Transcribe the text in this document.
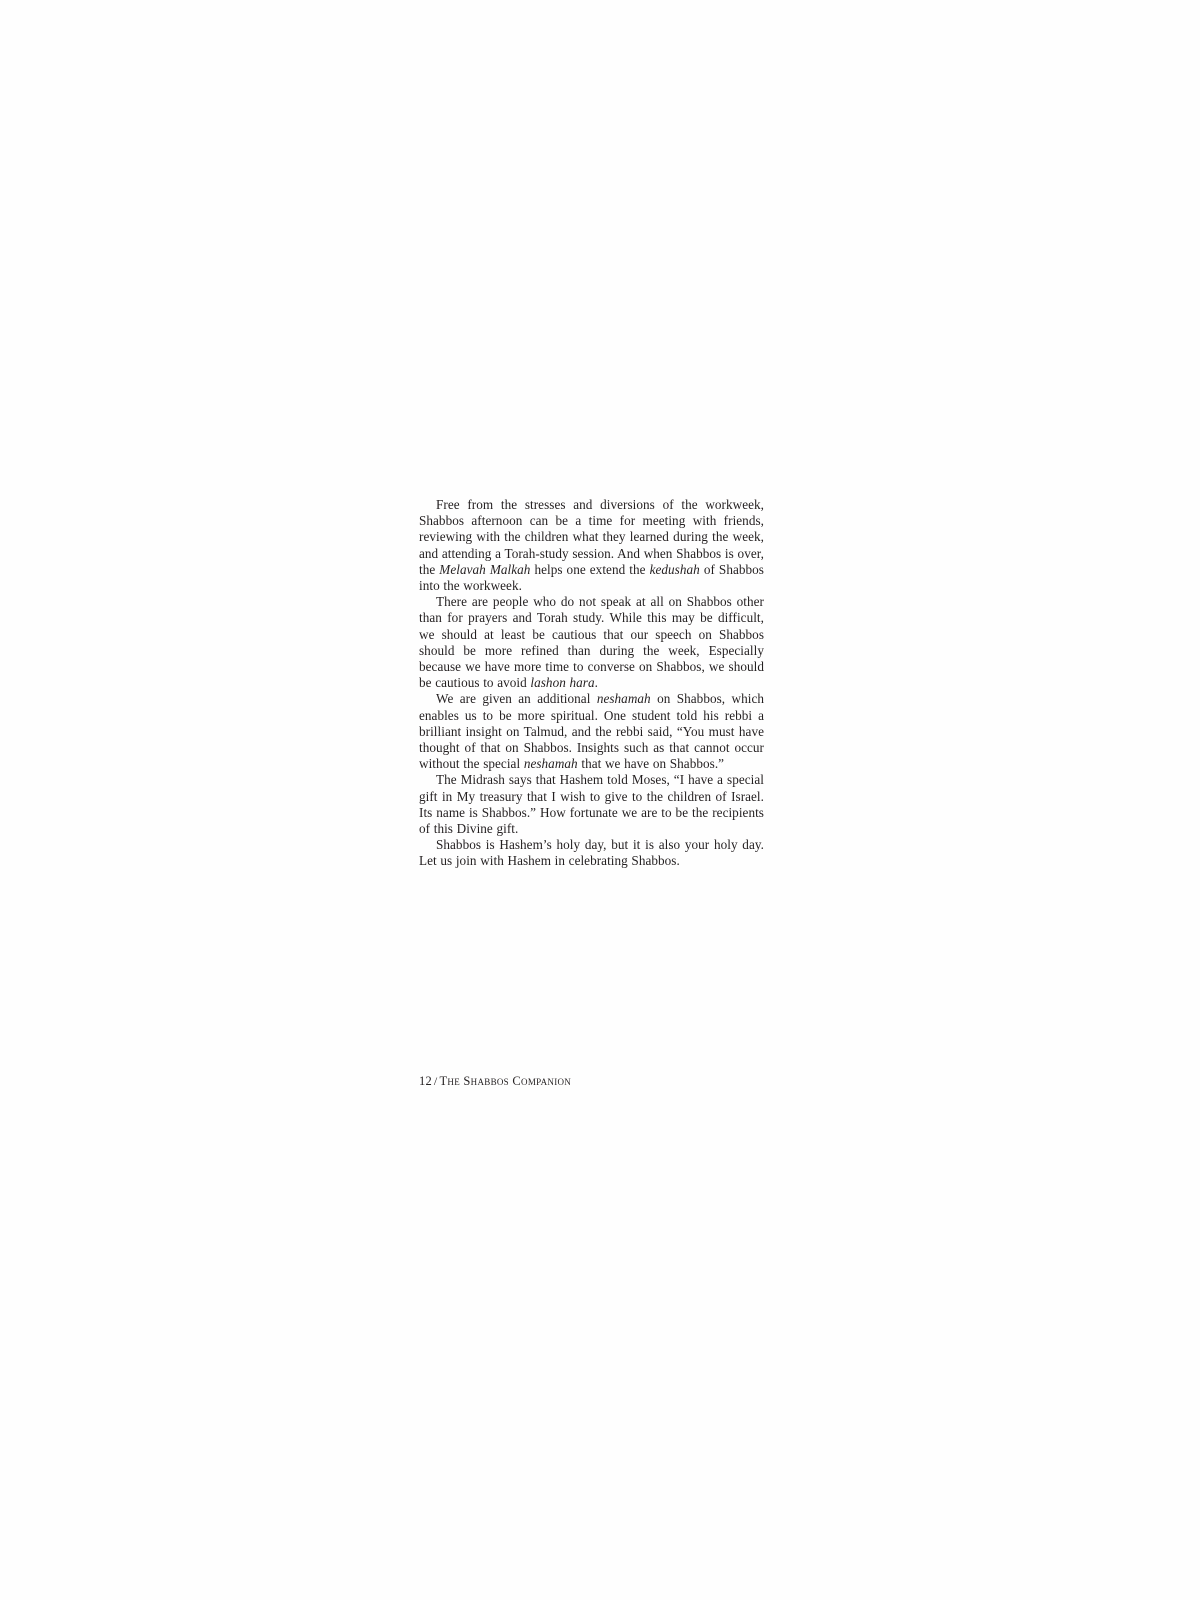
Free from the stresses and diversions of the workweek, Shabbos afternoon can be a time for meeting with friends, reviewing with the children what they learned during the week, and attending a Torah-study session. And when Shabbos is over, the Melavah Malkah helps one extend the kedushah of Shabbos into the workweek.

There are people who do not speak at all on Shabbos other than for prayers and Torah study. While this may be difficult, we should at least be cautious that our speech on Shabbos should be more refined than during the week, Especially because we have more time to converse on Shabbos, we should be cautious to avoid lashon hara.

We are given an additional neshamah on Shabbos, which enables us to be more spiritual. One student told his rebbi a brilliant insight on Talmud, and the rebbi said, “You must have thought of that on Shabbos. Insights such as that cannot occur without the special neshamah that we have on Shabbos.”

The Midrash says that Hashem told Moses, “I have a special gift in My treasury that I wish to give to the children of Israel. Its name is Shabbos.” How fortunate we are to be the recipients of this Divine gift.

Shabbos is Hashem’s holy day, but it is also your holy day. Let us join with Hashem in celebrating Shabbos.

12 / The Shabbos Companion
